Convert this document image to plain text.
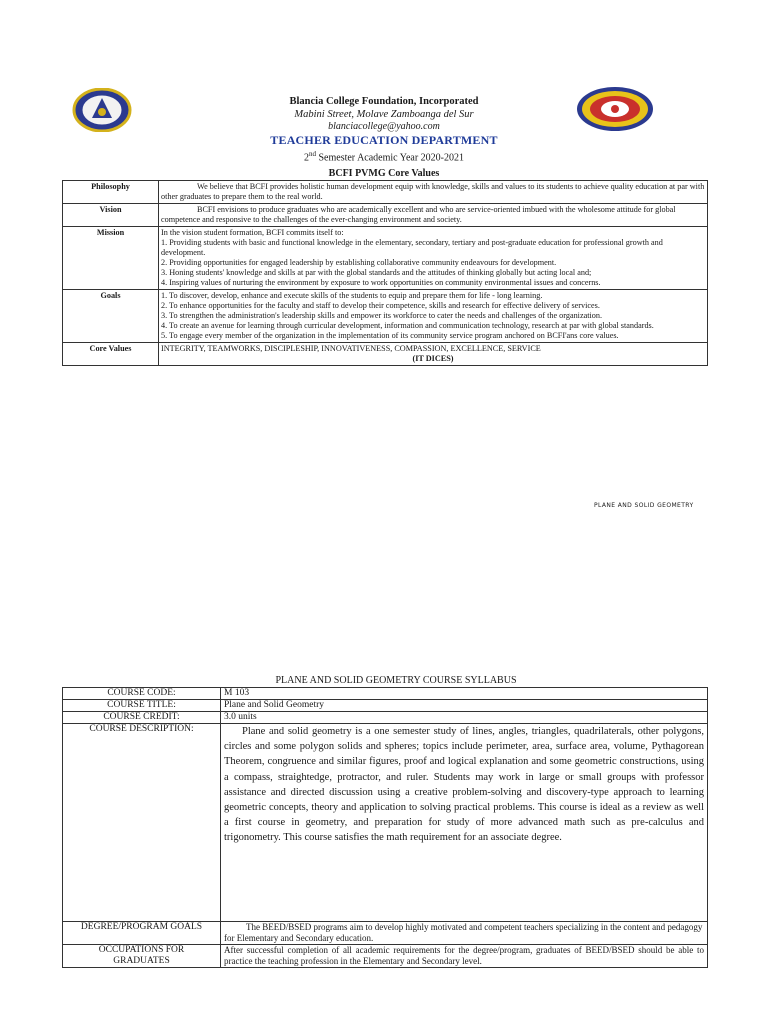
Blancia College Foundation, Incorporated
Mabini Street, Molave Zamboanga del Sur
blanciacollege@yahoo.com
TEACHER EDUCATION DEPARTMENT
2nd Semester Academic Year 2020-2021
BCFI PVMG Core Values
Philosophy	We believe that BCFI provides holistic human development equip with knowledge, skills and values to its students to achieve quality education at par with other graduates to prepare them to the real world.
Vision	BCFI envisions to produce graduates who are academically excellent and who are service-oriented imbued with the wholesome attitude for global competence and responsive to the challenges of the ever-changing environment and society.
Mission	In the vision student formation, BCFI commits itself to:
1. Providing students with basic and functional knowledge in the elementary, secondary, tertiary and post-graduate education for professional growth and development.
2. Providing opportunities for engaged leadership by establishing collaborative community endeavours for development.
3. Honing students' knowledge and skills at par with the global standards and the attitudes of thinking globally but acting local and;
4. Inspiring values of nurturing the environment by exposure to work opportunities on community environmental issues and concerns.

Goals	1. To discover, develop, enhance and execute skills of the students to equip and prepare them for life - long learning.
2. To enhance opportunities for the faculty and staff to develop their competence, skills and research for effective delivery of services.
3. To strengthen the administration's leadership skills and empower its workforce to cater the needs and challenges of the organization.
4. To create an avenue for learning through curricular development, information and communication technology, research at par with global standards.
5. To engage every member of the organization in the implementation of its community service program anchored on BCFI'ans core values.

Core Values	INTEGRITY, TEAMWORKS, DISCIPLESHIP, INNOVATIVENESS, COMPASSION, EXCELLENCE, SERVICE
(IT DICES)
PLANE AND SOLID GEOMETRY
PLANE AND SOLID GEOMETRY COURSE SYLLABUS
COURSE CODE:	M 103
COURSE TITLE:	Plane and Solid Geometry
COURSE CREDIT:	3.0 units
COURSE DESCRIPTION:	Plane and solid geometry is a one semester study of lines, angles, triangles, quadrilaterals, other polygons, circles and some polygon solids and spheres; topics include perimeter, area, surface area, volume, Pythagorean Theorem, congruence and similar figures, proof and logical explanation and some geometric constructions, using a compass, straightedge, protractor, and ruler. Students may work in large or small groups with professor assistance and directed discussion using a creative problem-solving and discovery-type approach to learning geometric concepts, theory and application to solving practical problems. This course is ideal as a review as well a first course in geometry, and preparation for study of more advanced math such as pre-calculus and trigonometry. This course satisfies the math requirement for an associate degree.
DEGREE/PROGRAM GOALS	The BEED/BSED programs aim to develop highly motivated and competent teachers specializing in the content and pedagogy for Elementary and Secondary education.

OCCUPATIONS FOR
GRADUATES	After successful completion of all academic requirements for the degree/program, graduates of BEED/BSED should be able to practice the teaching profession in the Elementary and Secondary level.
